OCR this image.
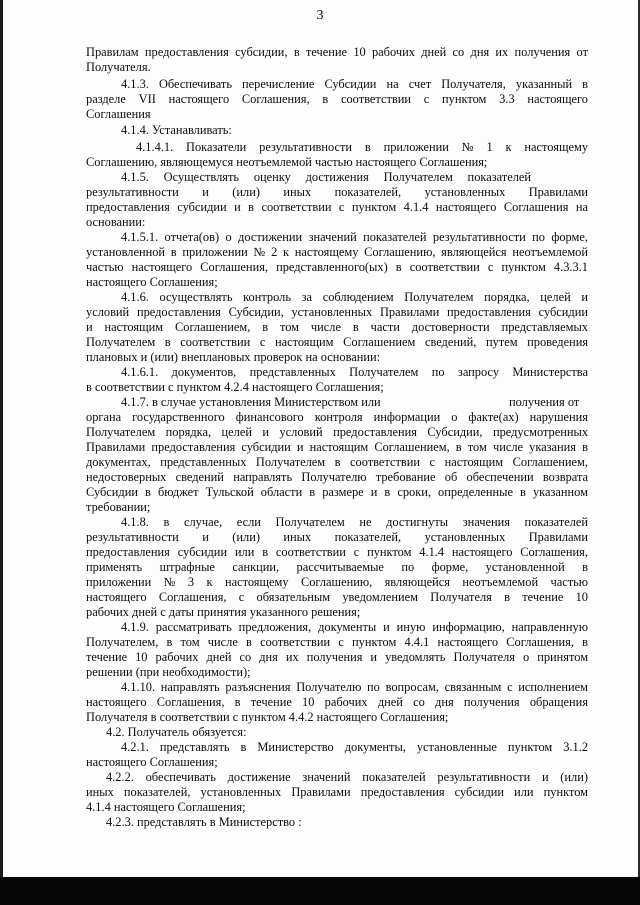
3
Правилам предоставления субсидии, в течение 10 рабочих дней со дня их получения от
Получателя.
4.1.3. Обеспечивать перечисление Субсидии на счет Получателя, указанный в
разделе VII настоящего Соглашения, в соответствии с пунктом 3.3 настоящего
Соглашения
4.1.4. Устанавливать:
4.1.4.1. Показатели результативности в приложении № 1 к настоящему
Соглашению, являющемуся неотъемлемой частью настоящего Соглашения;
4.1.5. Осуществлять оценку достижения Получателем показателей
результативности и (или) иных показателей, установленных Правилами
предоставления субсидии и в соответствии с пунктом 4.1.4 настоящего Соглашения на
основании:
4.1.5.1. отчета(ов) о достижении значений показателей результативности по форме,
установленной в приложении № 2 к настоящему Соглашению, являющейся неотъемлемой
частью настоящего Соглашения, представленного(ых) в соответствии с пунктом 4.3.3.1
настоящего Соглашения;
4.1.6. осуществлять контроль за соблюдением Получателем порядка, целей и
условий предоставления Субсидии, установленных Правилами предоставления субсидии
и настоящим Соглашением, в том числе в части достоверности представляемых
Получателем в соответствии с настоящим Соглашением сведений, путем проведения
плановых и (или) внеплановых проверок на основании:
4.1.6.1. документов, представленных Получателем по запросу Министерства
в соответствии с пунктом 4.2.4 настоящего Соглашения;
4.1.7. в случае установления Министерством или	получения от
органа государственного финансового контроля информации о факте(ах) нарушения
Получателем порядка, целей и условий предоставления Субсидии, предусмотренных
Правилами предоставления субсидии и настоящим Соглашением, в том числе указания в
документах, представленных Получателем в соответствии с настоящим Соглашением,
недостоверных сведений направлять Получателю требование об обеспечении возврата
Субсидии в бюджет Тульской области в размере и в сроки, определенные в указанном
требовании;
4.1.8. в случае, если Получателем не достигнуты значения показателей
результативности и (или) иных показателей, установленных Правилами
предоставления субсидии или в соответствии с пунктом 4.1.4 настоящего Соглашения,
применять штрафные санкции, рассчитываемые по форме, установленной в
приложении № 3 к настоящему Соглашению, являющейся неотъемлемой частью
настоящего Соглашения, с обязательным уведомлением Получателя в течение 10
рабочих дней с даты принятия указанного решения;
4.1.9. рассматривать предложения, документы и иную информацию, направленную
Получателем, в том числе в соответствии с пунктом 4.4.1 настоящего Соглашения, в
течение 10 рабочих дней со дня их получения и уведомлять Получателя о принятом
решении (при необходимости);
4.1.10. направлять разъяснения Получателю по вопросам, связанным с исполнением
настоящего Соглашения, в течение 10 рабочих дней со дня получения обращения
Получателя в соответствии с пунктом 4.4.2 настоящего Соглашения;
4.2. Получатель обязуется:
4.2.1. представлять в Министерство документы, установленные пунктом 3.1.2
настоящего Соглашения;
4.2.2. обеспечивать достижение значений показателей результативности и (или)
иных показателей, установленных Правилами предоставления субсидии или пунктом
4.1.4 настоящего Соглашения;
4.2.3. представлять в Министерство :
